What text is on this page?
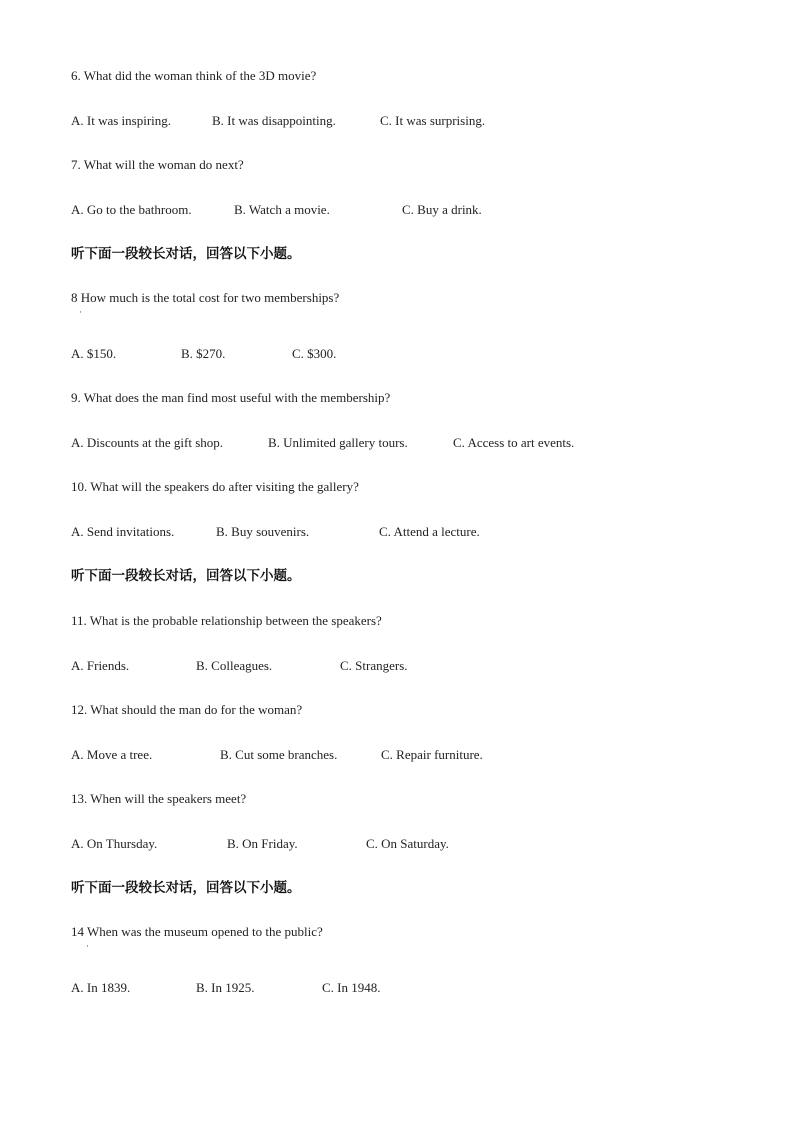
6. What did the woman think of the 3D movie?
A. It was inspiring.	B. It was disappointing.	C. It was surprising.
7. What will the woman do next?
A. Go to the bathroom.	B. Watch a movie.	C. Buy a drink.
听下面一段较长对话，回答以下小题。
8 How much is the total cost for two memberships?
·
A. $150.	B. $270.	C. $300.
9. What does the man find most useful with the membership?
A. Discounts at the gift shop.	B. Unlimited gallery tours.	C. Access to art events.
10. What will the speakers do after visiting the gallery?
A. Send invitations.	B. Buy souvenirs.	C. Attend a lecture.
听下面一段较长对话，回答以下小题。
11. What is the probable relationship between the speakers?
A. Friends.	B. Colleagues.	C. Strangers.
12. What should the man do for the woman?
A. Move a tree.	B. Cut some branches.	C. Repair furniture.
13. When will the speakers meet?
A. On Thursday.	B. On Friday.	C. On Saturday.
听下面一段较长对话，回答以下小题。
14 When was the museum opened to the public?
·
A. In 1839.	B. In 1925.	C. In 1948.
